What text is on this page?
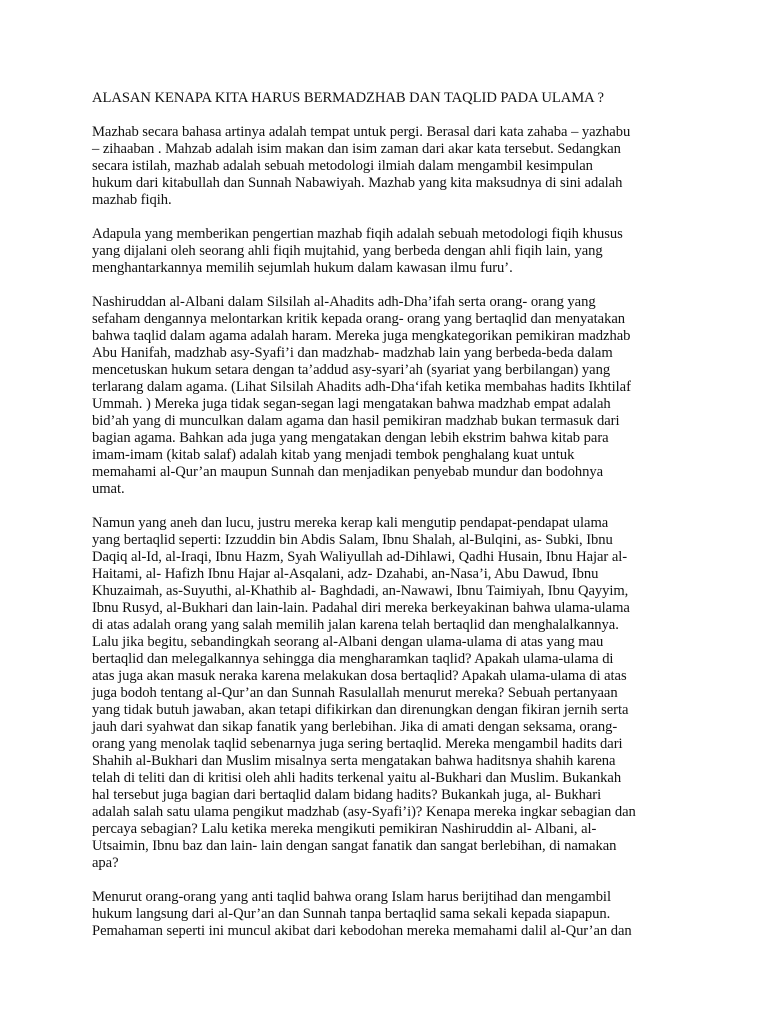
ALASAN KENAPA KITA HARUS BERMADZHAB DAN TAQLID PADA ULAMA ?
Mazhab secara bahasa artinya adalah tempat untuk pergi. Berasal dari kata zahaba – yazhabu
– zihaaban . Mahzab adalah isim makan dan isim zaman dari akar kata tersebut. Sedangkan
secara istilah, mazhab adalah sebuah metodologi ilmiah dalam mengambil kesimpulan
hukum dari kitabullah dan Sunnah Nabawiyah. Mazhab yang kita maksudnya di sini adalah
mazhab fiqih.
Adapula yang memberikan pengertian mazhab fiqih adalah sebuah metodologi fiqih khusus
yang dijalani oleh seorang ahli fiqih mujtahid, yang berbeda dengan ahli fiqih lain, yang
menghantarkannya memilih sejumlah hukum dalam kawasan ilmu furu’.
Nashiruddan al-Albani dalam Silsilah al-Ahadits adh-Dha’ifah serta orang- orang yang
sefaham dengannya melontarkan kritik kepada orang- orang yang bertaqlid dan menyatakan
bahwa taqlid dalam agama adalah haram. Mereka juga mengkategorikan pemikiran madzhab
Abu Hanifah, madzhab asy-Syafi’i dan madzhab- madzhab lain yang berbeda-beda dalam
mencetuskan hukum setara dengan ta’addud asy-syari’ah (syariat yang berbilangan) yang
terlarang dalam agama. (Lihat Silsilah Ahadits adh-Dha‘ifah ketika membahas hadits Ikhtilaf
Ummah. ) Mereka juga tidak segan-segan lagi mengatakan bahwa madzhab empat adalah
bid’ah yang di munculkan dalam agama dan hasil pemikiran madzhab bukan termasuk dari
bagian agama. Bahkan ada juga yang mengatakan dengan lebih ekstrim bahwa kitab para
imam-imam (kitab salaf) adalah kitab yang menjadi tembok penghalang kuat untuk
memahami al-Qur’an maupun Sunnah dan menjadikan penyebab mundur dan bodohnya
umat.
Namun yang aneh dan lucu, justru mereka kerap kali mengutip pendapat-pendapat ulama
yang bertaqlid seperti: Izzuddin bin Abdis Salam, Ibnu Shalah, al-Bulqini, as- Subki, Ibnu
Daqiq al-Id, al-Iraqi, Ibnu Hazm, Syah Waliyullah ad-Dihlawi, Qadhi Husain, Ibnu Hajar al-
Haitami, al- Hafizh Ibnu Hajar al-Asqalani, adz- Dzahabi, an-Nasa’i, Abu Dawud, Ibnu
Khuzaimah, as-Suyuthi, al-Khathib al- Baghdadi, an-Nawawi, Ibnu Taimiyah, Ibnu Qayyim,
Ibnu Rusyd, al-Bukhari dan lain-lain. Padahal diri mereka berkeyakinan bahwa ulama-ulama
di atas adalah orang yang salah memilih jalan karena telah bertaqlid dan menghalalkannya.
Lalu jika begitu, sebandingkah seorang al-Albani dengan ulama-ulama di atas yang mau
bertaqlid dan melegalkannya sehingga dia mengharamkan taqlid? Apakah ulama-ulama di
atas juga akan masuk neraka karena melakukan dosa bertaqlid? Apakah ulama-ulama di atas
juga bodoh tentang al-Qur’an dan Sunnah Rasulallah menurut mereka? Sebuah pertanyaan
yang tidak butuh jawaban, akan tetapi difikirkan dan direnungkan dengan fikiran jernih serta
jauh dari syahwat dan sikap fanatik yang berlebihan. Jika di amati dengan seksama, orang-
orang yang menolak taqlid sebenarnya juga sering bertaqlid. Mereka mengambil hadits dari
Shahih al-Bukhari dan Muslim misalnya serta mengatakan bahwa haditsnya shahih karena
telah di teliti dan di kritisi oleh ahli hadits terkenal yaitu al-Bukhari dan Muslim. Bukankah
hal tersebut juga bagian dari bertaqlid dalam bidang hadits? Bukankah juga, al- Bukhari
adalah salah satu ulama pengikut madzhab (asy-Syafi’i)? Kenapa mereka ingkar sebagian dan
percaya sebagian? Lalu ketika mereka mengikuti pemikiran Nashiruddin al- Albani, al-
Utsaimin, Ibnu baz dan lain- lain dengan sangat fanatik dan sangat berlebihan, di namakan
apa?
Menurut orang-orang yang anti taqlid bahwa orang Islam harus berijtihad dan mengambil
hukum langsung dari al-Qur’an dan Sunnah tanpa bertaqlid sama sekali kepada siapapun.
Pemahaman seperti ini muncul akibat dari kebodohan mereka memahami dalil al-Qur’an dan
